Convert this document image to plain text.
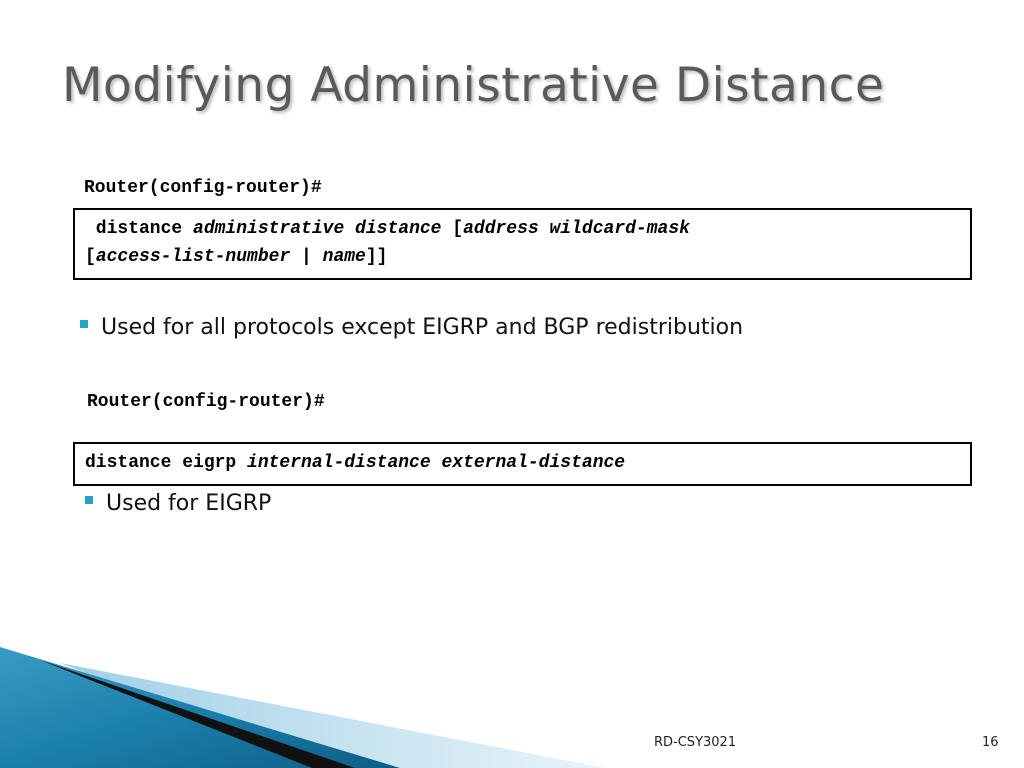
Modifying Administrative Distance
Router(config-router)#
distance administrative distance [address wildcard-mask
[access-list-number | name]]
Used for all protocols except EIGRP and BGP redistribution
Router(config-router)#
distance eigrp internal-distance external-distance
Used for EIGRP
RD-CSY3021	16
